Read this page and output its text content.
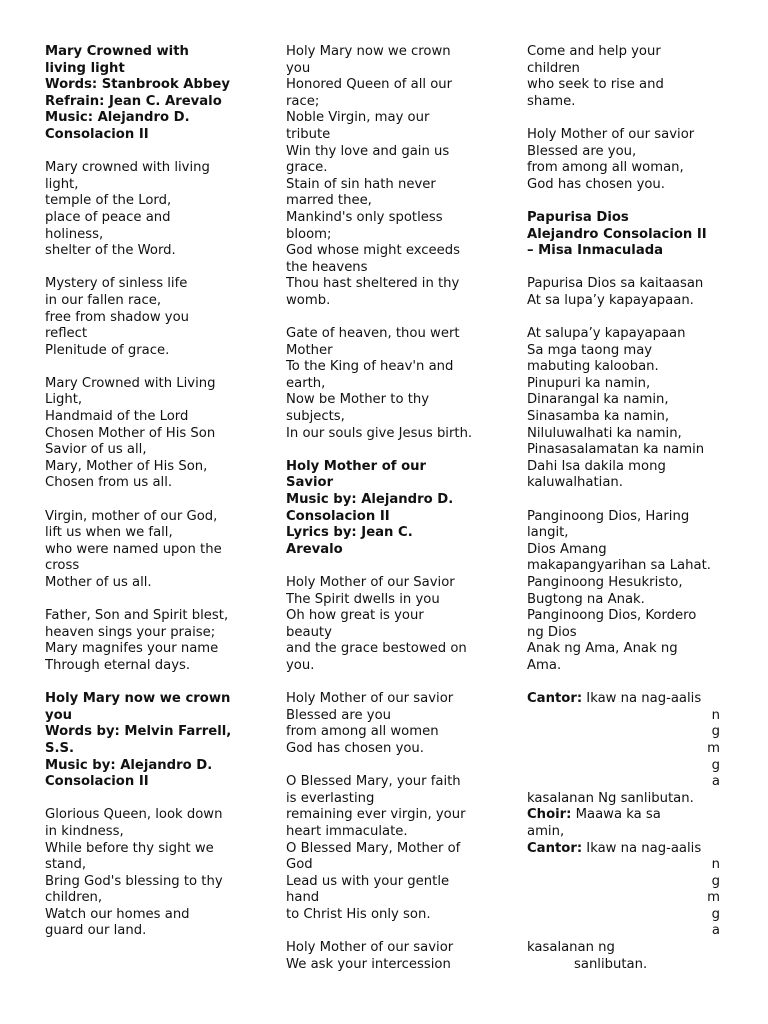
Mary Crowned with
living light
Words: Stanbrook Abbey
Refrain: Jean C. Arevalo
Music: Alejandro D.
Consolacion II
Mary crowned with living
light,
temple of the Lord,
place of peace and
holiness,
shelter of the Word.
Mystery of sinless life
in our fallen race,
free from shadow you
reflect
Plenitude of grace.
Mary Crowned with Living
Light,
Handmaid of the Lord
Chosen Mother of His Son
Savior of us all,
Mary, Mother of His Son,
Chosen from us all.
Virgin, mother of our God,
lift us when we fall,
who were named upon the
cross
Mother of us all.
Father, Son and Spirit blest,
heaven sings your praise;
Mary magnifes your name
Through eternal days.
Holy Mary now we crown
you
Words by: Melvin Farrell,
S.S.
Music by: Alejandro D.
Consolacion II
Glorious Queen, look down
in kindness,
While before thy sight we
stand,
Bring God's blessing to thy
children,
Watch our homes and
guard our land.
Holy Mary now we crown
you
Honored Queen of all our
race;
Noble Virgin, may our
tribute
Win thy love and gain us
grace.
Stain of sin hath never
marred thee,
Mankind's only spotless
bloom;
God whose might exceeds
the heavens
Thou hast sheltered in thy
womb.
Gate of heaven, thou wert
Mother
To the King of heav'n and
earth,
Now be Mother to thy
subjects,
In our souls give Jesus birth.
Holy Mother of our
Savior
Music by: Alejandro D.
Consolacion II
Lyrics by: Jean C.
Arevalo
Holy Mother of our Savior
The Spirit dwells in you
Oh how great is your
beauty
and the grace bestowed on
you.
Holy Mother of our savior
Blessed are you
from among all women
God has chosen you.
O Blessed Mary, your faith
is everlasting
remaining ever virgin, your
heart immaculate.
O Blessed Mary, Mother of
God
Lead us with your gentle
hand
to Christ His only son.
Holy Mother of our savior
We ask your intercession
Come and help your
children
who seek to rise and
shame.
Holy Mother of our savior
Blessed are you,
from among all woman,
God has chosen you.
Papurisa Dios
Alejandro Consolacion II
– Misa Inmaculada
Papurisa Dios sa kaitaasan
At sa lupa’y kapayapaan.
At salupa’y kapayapaan
Sa mga taong may
mabuting kalooban.
Pinupuri ka namin,
Dinarangal ka namin,
Sinasamba ka namin,
Niluluwalhati ka namin,
Pinasasalamatan ka namin
Dahi Isa dakila mong
kaluwalhatian.
Panginoong Dios, Haring
langit,
Dios Amang
makapangyarihan sa Lahat.
Panginoong Hesukristo,
Bugtong na Anak.
Panginoong Dios, Kordero
ng Dios
Anak ng Ama, Anak ng
Ama.
Cantor: Ikaw na nag-aalis
n
g
m
g
a
kasalanan Ng sanlibutan.
Choir: Maawa ka sa
amin,
Cantor: Ikaw na nag-aalis
n
g
m
g
a
kasalanan ng
sanlibutan.
